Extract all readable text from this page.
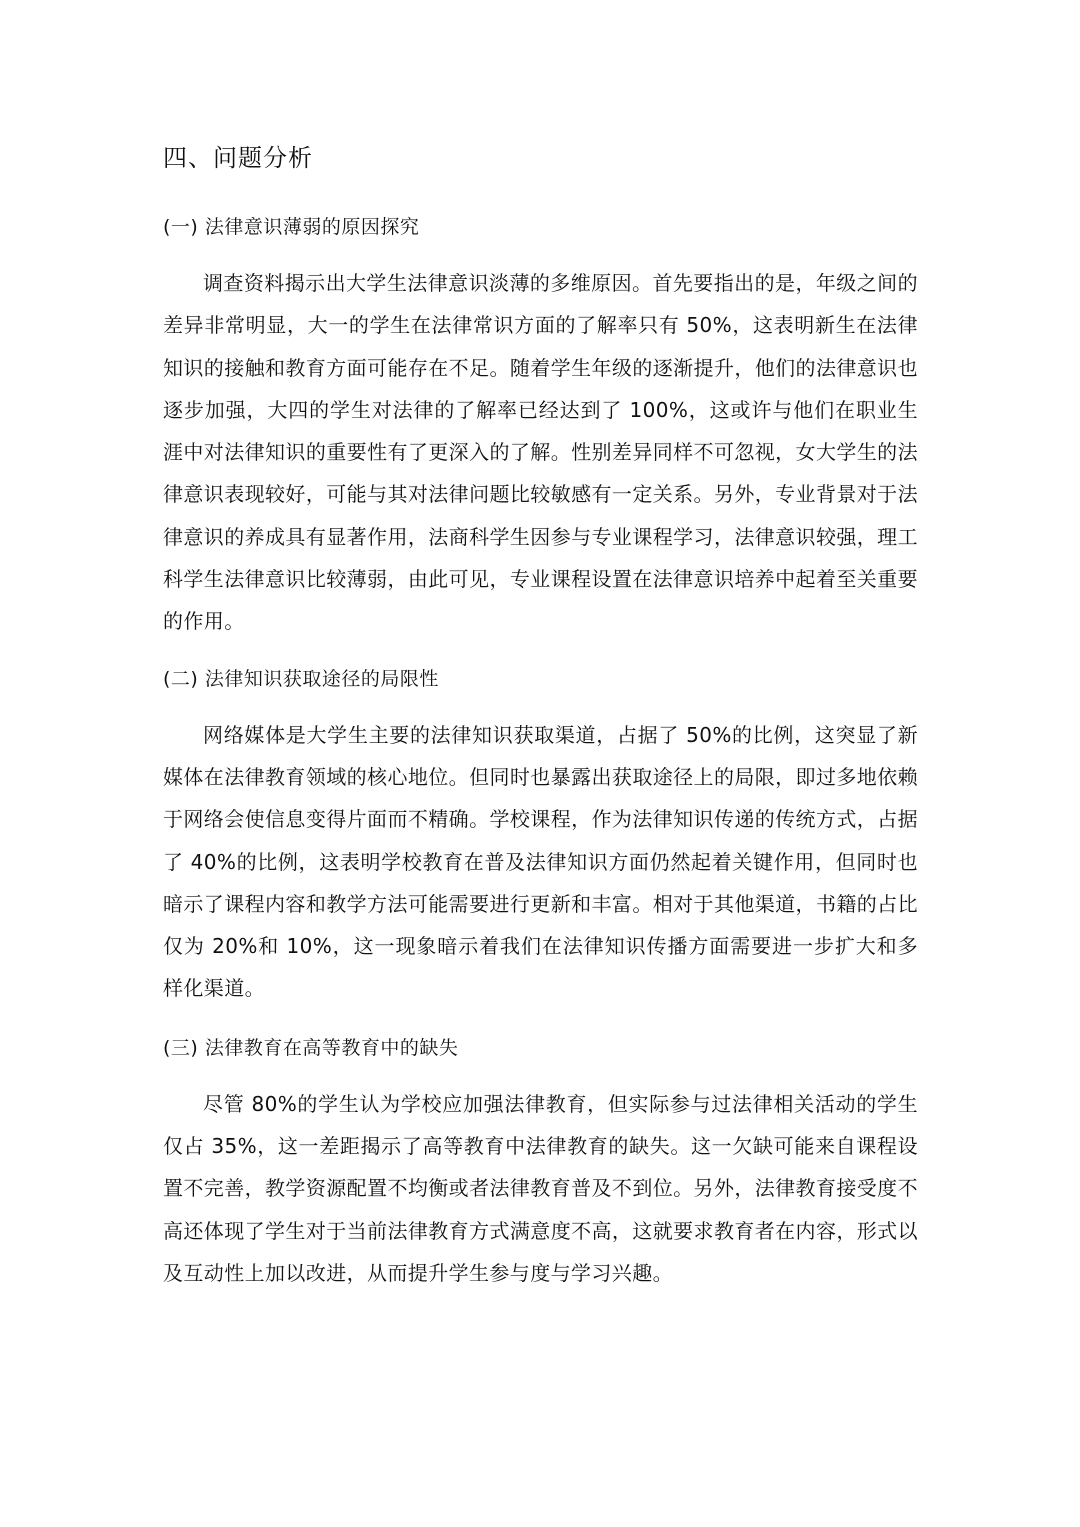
四、问题分析
(一) 法律意识薄弱的原因探究

调查资料揭示出大学生法律意识淡薄的多维原因。首先要指出的是，年级之间的差异非常明显，大一的学生在法律常识方面的了解率只有 50%，这表明新生在法律知识的接触和教育方面可能存在不足。随着学生年级的逐渐提升，他们的法律意识也逐步加强，大四的学生对法律的了解率已经达到了 100%，这或许与他们在职业生涯中对法律知识的重要性有了更深入的了解。性别差异同样不可忽视，女大学生的法律意识表现较好，可能与其对法律问题比较敏感有一定关系。另外，专业背景对于法律意识的养成具有显著作用，法商科学生因参与专业课程学习，法律意识较强，理工科学生法律意识比较薄弱，由此可见，专业课程设置在法律意识培养中起着至关重要的作用。

(二) 法律知识获取途径的局限性

网络媒体是大学生主要的法律知识获取渠道，占据了 50%的比例，这突显了新媒体在法律教育领域的核心地位。但同时也暴露出获取途径上的局限，即过多地依赖于网络会使信息变得片面而不精确。学校课程，作为法律知识传递的传统方式，占据了 40%的比例，这表明学校教育在普及法律知识方面仍然起着关键作用，但同时也暗示了课程内容和教学方法可能需要进行更新和丰富。相对于其他渠道，书籍的占比仅为 20%和 10%，这一现象暗示着我们在法律知识传播方面需要进一步扩大和多样化渠道。

(三) 法律教育在高等教育中的缺失

尽管 80%的学生认为学校应加强法律教育，但实际参与过法律相关活动的学生仅占 35%，这一差距揭示了高等教育中法律教育的缺失。这一欠缺可能来自课程设置不完善，教学资源配置不均衡或者法律教育普及不到位。另外，法律教育接受度不高还体现了学生对于当前法律教育方式满意度不高，这就要求教育者在内容，形式以及互动性上加以改进，从而提升学生参与度与学习兴趣。
